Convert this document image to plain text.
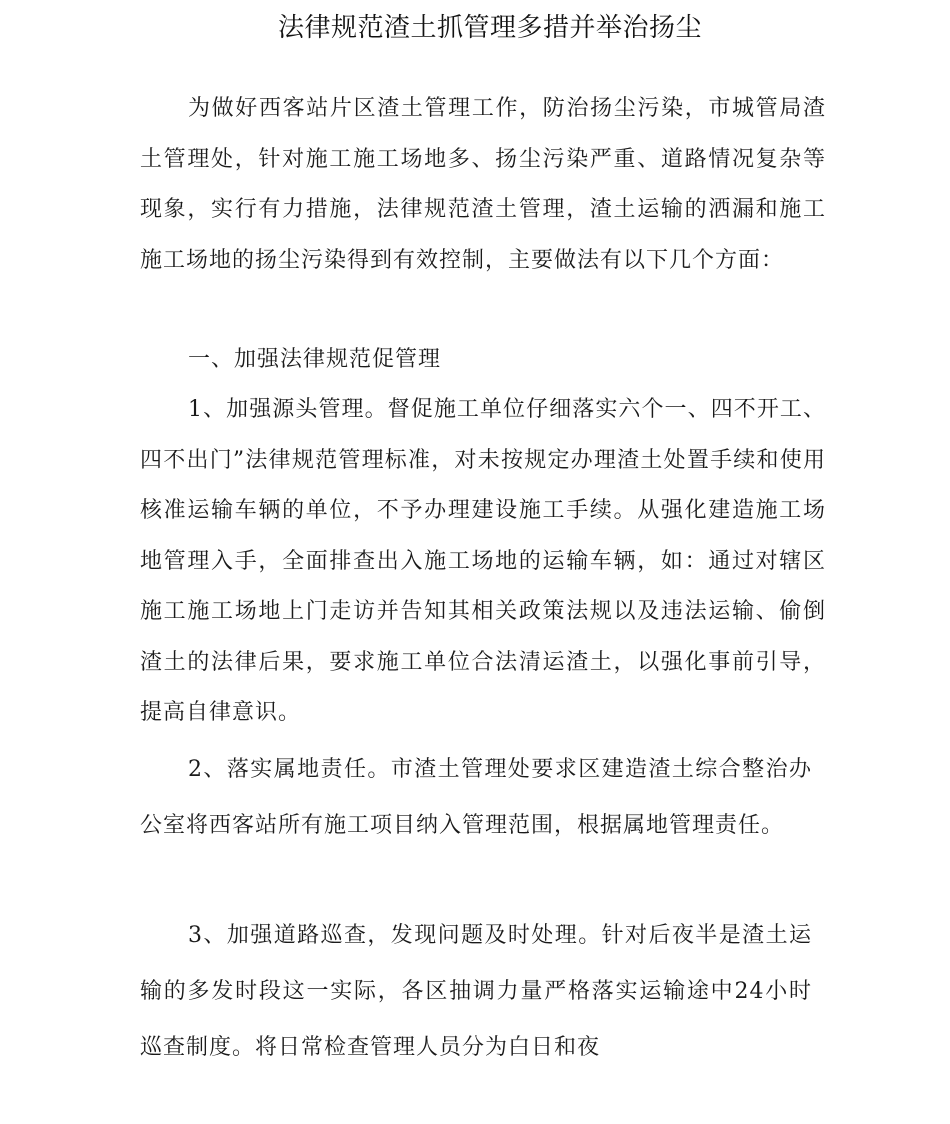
法律规范渣土抓管理多措并举治扬尘

为做好西客站片区渣土管理工作，防治扬尘污染，市城管局渣土管理处，针对施工施工场地多、扬尘污染严重、道路情况复杂等现象，实行有力措施，法律规范渣土管理，渣土运输的洒漏和施工施工场地的扬尘污染得到有效控制，主要做法有以下几个方面：

一、加强法律规范促管理

1、加强源头管理。督促施工单位仔细落实六个一、四不开工、四不出门”法律规范管理标准，对未按规定办理渣土处置手续和使用核准运输车辆的单位，不予办理建设施工手续。从强化建造施工场地管理入手，全面排查出入施工场地的运输车辆，如：通过对辖区施工施工场地上门走访并告知其相关政策法规以及违法运输、偷倒渣土的法律后果，要求施工单位合法清运渣土，以强化事前引导，提高自律意识。

2、落实属地责任。市渣土管理处要求区建造渣土综合整治办公室将西客站所有施工项目纳入管理范围，根据属地管理责任。

3、加强道路巡查，发现问题及时处理。针对后夜半是渣土运输的多发时段这一实际，各区抽调力量严格落实运输途中24小时巡查制度。将日常检查管理人员分为白日和夜
